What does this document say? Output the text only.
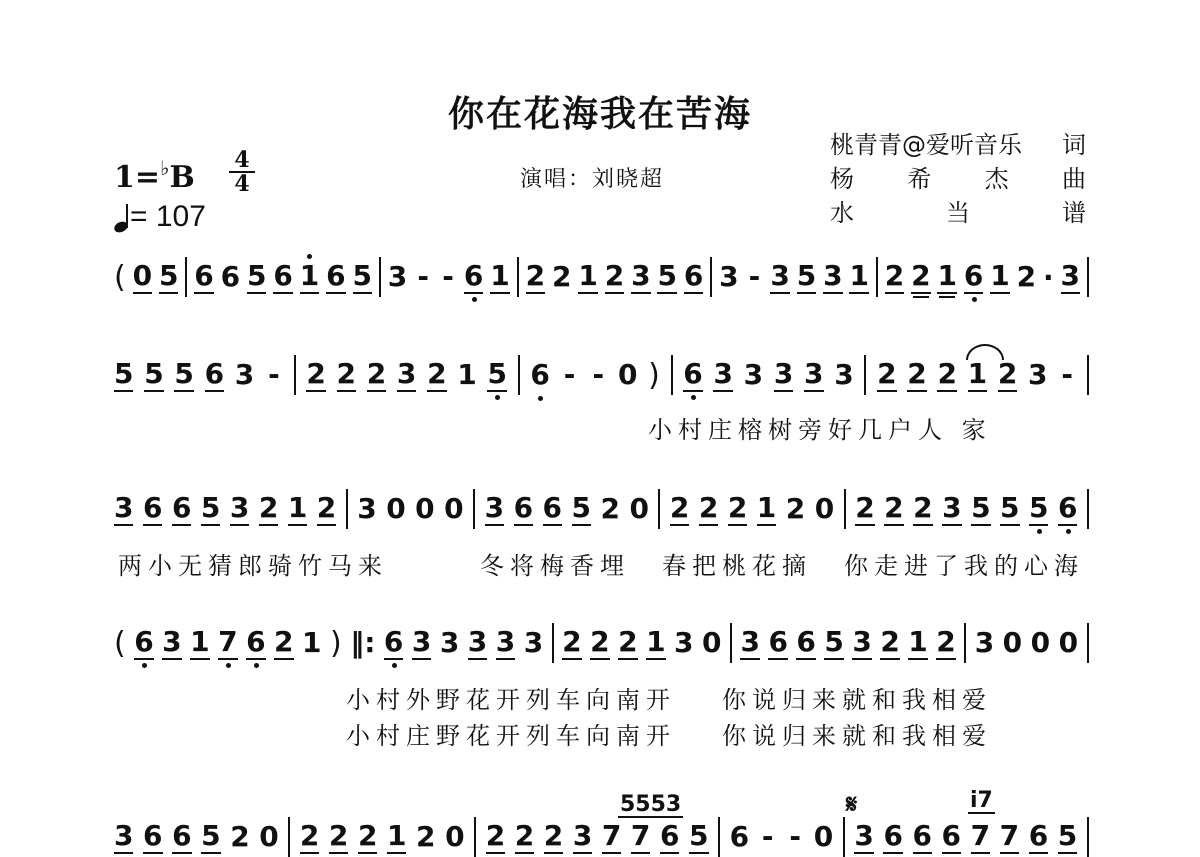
你在花海我在苦海
1=♭B 4
4
= 107
演唱：刘晓超
桃青青@爱听音乐 词
杨 希 杰 曲
水	当	谱
( 0 5 6 6 5 6 1 6 5 3 - - 6 1 2 2 1 2 3 5 6 3 - 3 5 3 1 2 2 1 6 1 2 · 3
5 5 5 6 3 - 2 2 2 3 2 1 5 6 - - 0 ) 6 3 3 3 3 3 2 2 2 1 2 3 -
小村庄榕树旁好几户人 家
3 6 6 5 3 2 1 2 3 0 0 0 3 6 6 5 2 0 2 2 2 1 2 0 2 2 2 3 5 5 5 6
两小无猜郎骑竹马来	冬将梅香埋 春把桃花摘 你走进了我的心海
( 6 3 1 7 6 2 1 ) ‖: 6 3 3 3 3 3 2 2 2 1 3 0 3 6 6 5 3 2 1 2 3 0 0 0
小村外野花开列车向南开 你说归来就和我相爱
小村庄野花开列车向南开 你说归来就和我相爱
5553	i7
𝄋
3 6 6 5 2 0 2 2 2 1 2 0 2 2 2 3 7 7 6 5 6 - - 0 3 6 6 6 7 7 6 5
